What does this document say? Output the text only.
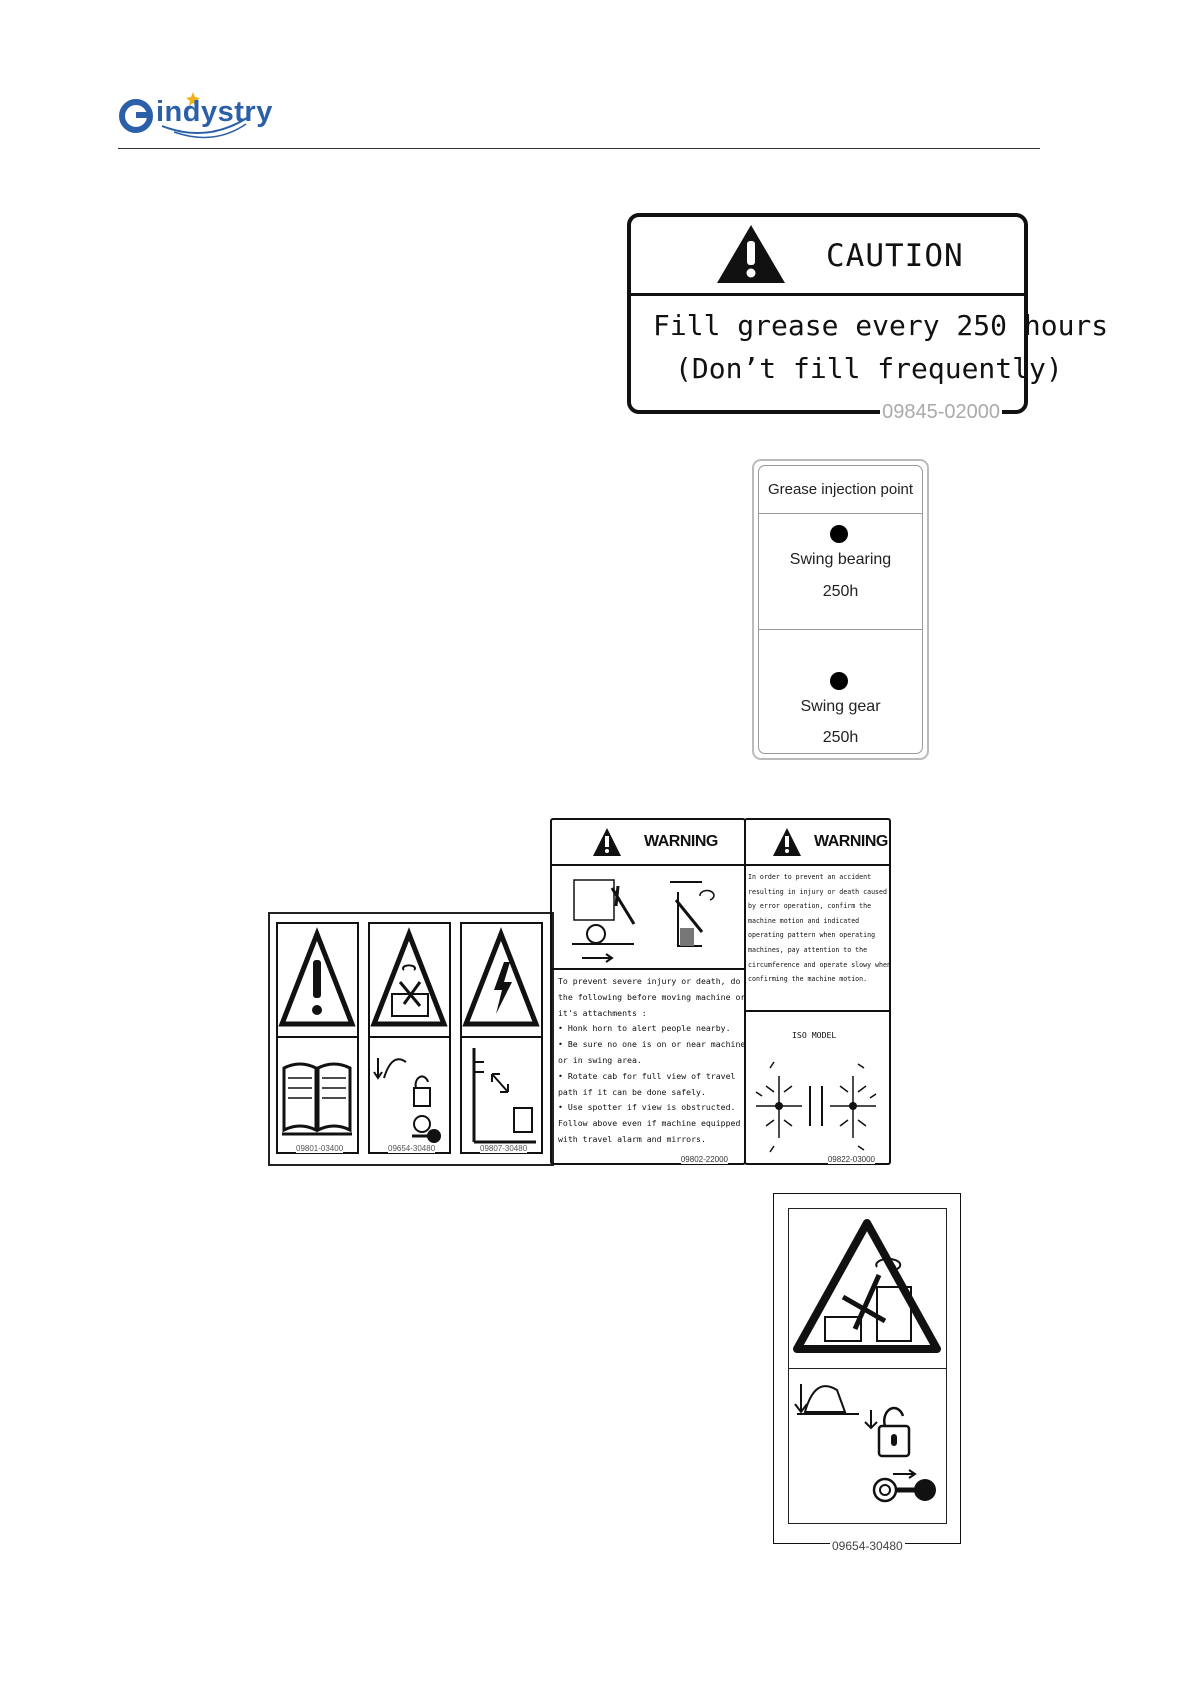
indystry
CAUTION
Fill grease every 250 hours
(Don’t fill frequently)
09845-02000
Grease injection point
Swing bearing
250h
Swing gear
250h
09801-03400	09654-30480	09807-30480
WARNING
To prevent severe injury or death, do
the following before moving machine or
it's attachments :
• Honk horn to alert people nearby.
• Be sure no one is on or near machine
or in swing area.
• Rotate cab for full view of travel
path if it can be done safely.
• Use spotter if view is obstructed.
Follow above even if machine equipped
with travel alarm and mirrors.
09802-22000
WARNING
In order to prevent an accident
resulting in injury or death caused
by error operation, confirm the
machine motion and indicated
operating pattern when operating
machines, pay attention to the
circumference and operate slowy when
confirming the machine motion.
ISO MODEL
09822-03000
09654-30480
